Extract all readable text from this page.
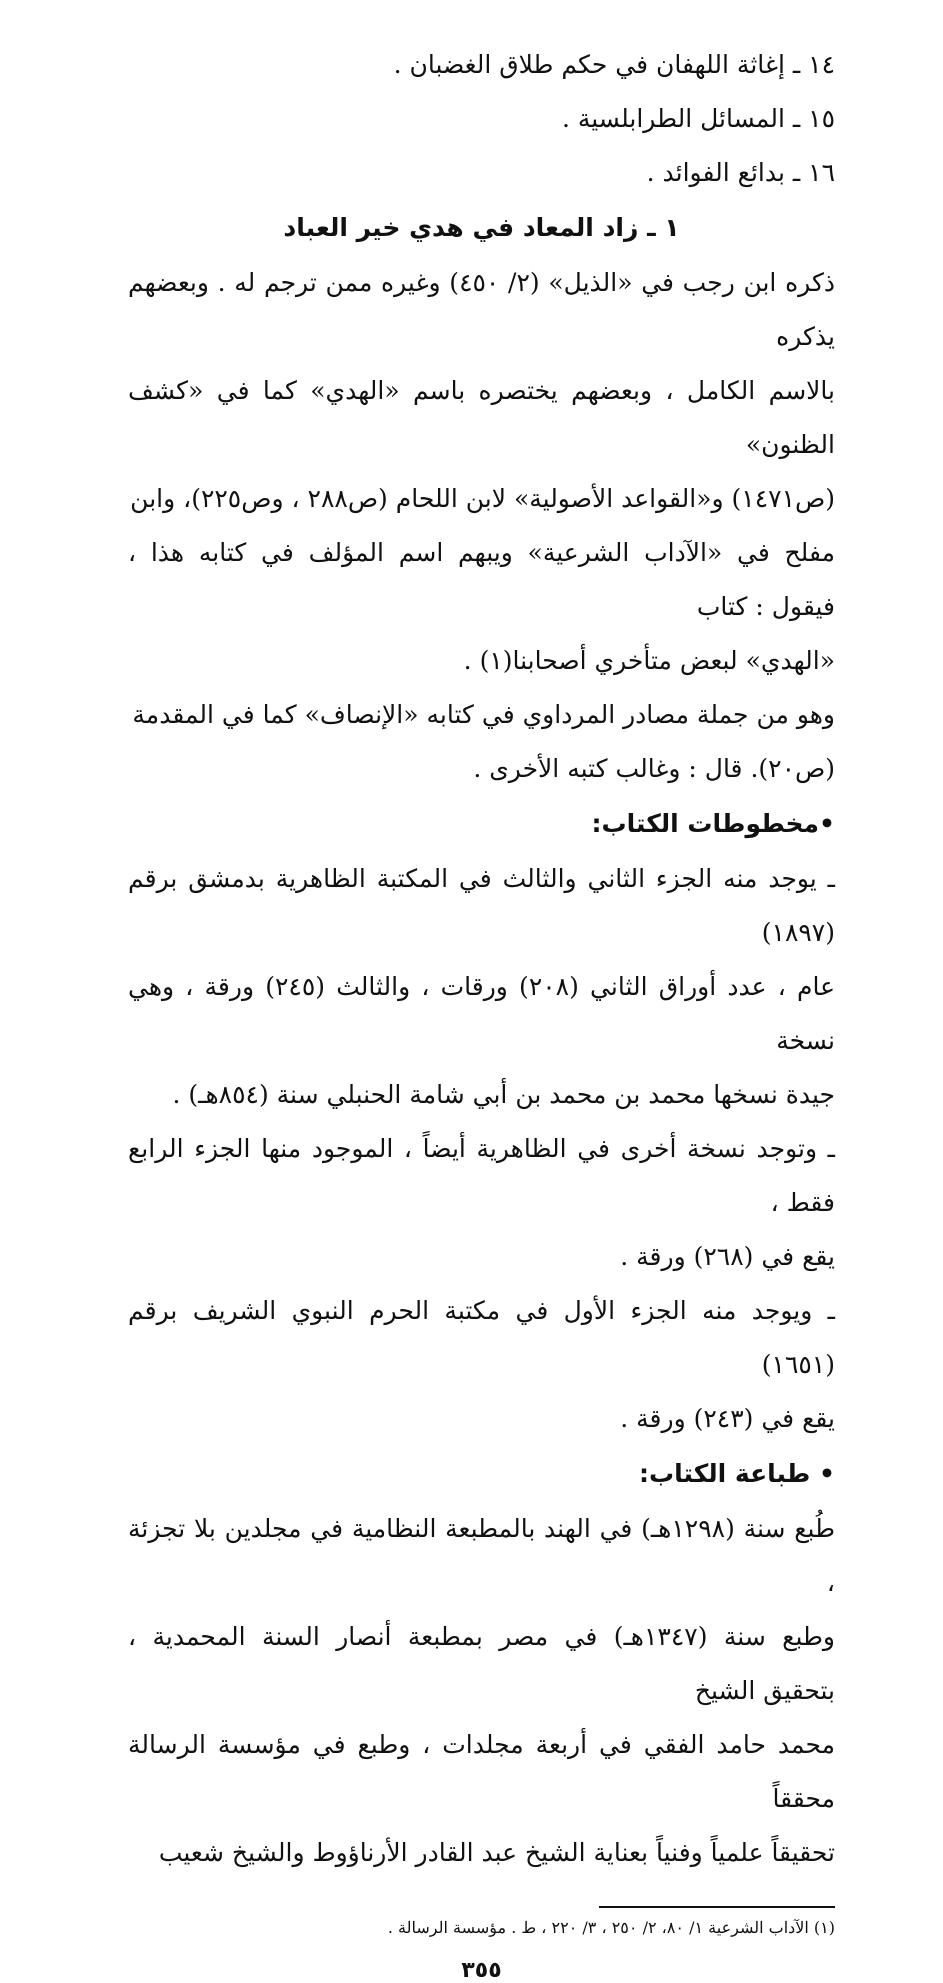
١٤ ـ إغاثة اللهفان في حكم طلاق الغضبان .

١٥ ـ المسائل الطرابلسية .

١٦ ـ بدائع الفوائد .

١ ـ زاد المعاد في هدي خير العباد

ذكره ابن رجب في «الذيل» (٢/ ٤٥٠) وغيره ممن ترجم له . وبعضهم يذكره

بالاسم الكامل ، وبعضهم يختصره باسم «الهدي» كما في «كشف الظنون»

(ص١٤٧١) و«القواعد الأصولية» لابن اللحام (ص٢٨٨ ، وص٢٢٥)، وابن

مفلح في «الآداب الشرعية» ويبهم اسم المؤلف في كتابه هذا ، فيقول : كتاب

«الهدي» لبعض متأخري أصحابنا(١) .

وهو من جملة مصادر المرداوي في كتابه «الإنصاف» كما في المقدمة

(ص٢٠). قال : وغالب كتبه الأخرى .

•مخطوطات الكتاب:

ـ يوجد منه الجزء الثاني والثالث في المكتبة الظاهرية بدمشق برقم (١٨٩٧)

عام ، عدد أوراق الثاني (٢٠٨) ورقات ، والثالث (٢٤٥) ورقة ، وهي نسخة

جيدة نسخها محمد بن محمد بن أبي شامة الحنبلي سنة (٨٥٤هـ) .

ـ وتوجد نسخة أخرى في الظاهرية أيضاً ، الموجود منها الجزء الرابع فقط ،

يقع في (٢٦٨) ورقة .

ـ ويوجد منه الجزء الأول في مكتبة الحرم النبوي الشريف برقم (١٦٥١)

يقع في (٢٤٣) ورقة .

• طباعة الكتاب:

طُبع سنة (١٢٩٨هـ) في الهند بالمطبعة النظامية في مجلدين بلا تجزئة ،

وطبع سنة (١٣٤٧هـ) في مصر بمطبعة أنصار السنة المحمدية ، بتحقيق الشيخ

محمد حامد الفقي في أربعة مجلدات ، وطبع في مؤسسة الرسالة محققاً

تحقيقاً علمياً وفنياً بعناية الشيخ عبد القادر الأرناؤوط والشيخ شعيب

(١) الآداب الشرعية ١/ ٨٠، ٢/ ٢٥٠ ، ٣/ ٢٢٠ ، ط . مؤسسة الرسالة .

٣٥٥
